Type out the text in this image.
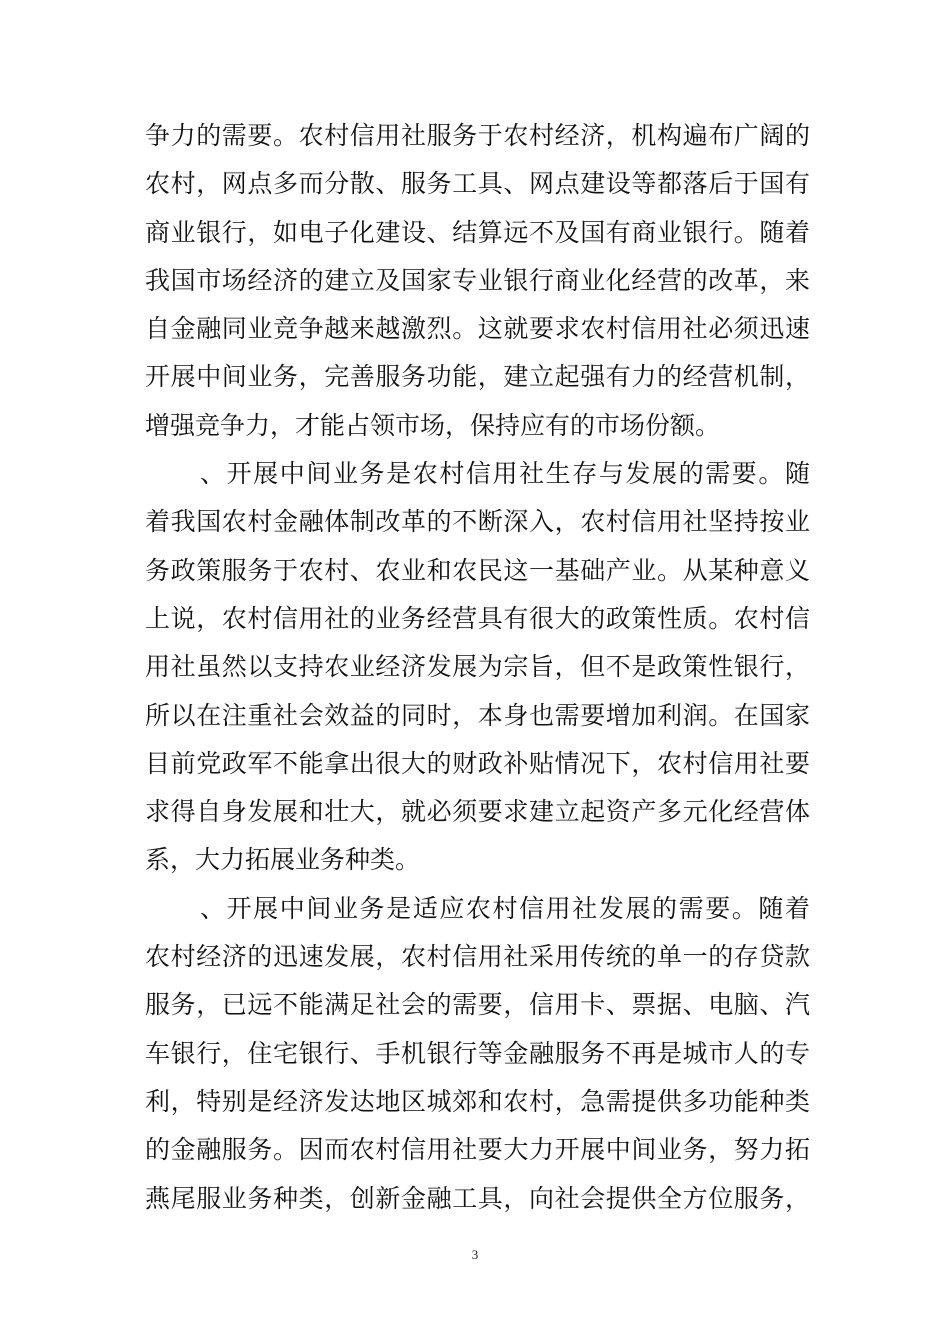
争力的需要。农村信用社服务于农村经济，机构遍布广阔的
农村，网点多而分散、服务工具、网点建设等都落后于国有
商业银行，如电子化建设、结算远不及国有商业银行。随着
我国市场经济的建立及国家专业银行商业化经营的改革，来
自金融同业竞争越来越激烈。这就要求农村信用社必须迅速
开展中间业务，完善服务功能，建立起强有力的经营机制，
增强竞争力，才能占领市场，保持应有的市场份额。
、开展中间业务是农村信用社生存与发展的需要。随
着我国农村金融体制改革的不断深入，农村信用社坚持按业
务政策服务于农村、农业和农民这一基础产业。从某种意义
上说，农村信用社的业务经营具有很大的政策性质。农村信
用社虽然以支持农业经济发展为宗旨，但不是政策性银行，
所以在注重社会效益的同时，本身也需要增加利润。在国家
目前党政军不能拿出很大的财政补贴情况下，农村信用社要
求得自身发展和壮大，就必须要求建立起资产多元化经营体
系，大力拓展业务种类。
、开展中间业务是适应农村信用社发展的需要。随着
农村经济的迅速发展，农村信用社采用传统的单一的存贷款
服务，已远不能满足社会的需要，信用卡、票据、电脑、汽
车银行，住宅银行、手机银行等金融服务不再是城市人的专
利，特别是经济发达地区城郊和农村，急需提供多功能种类
的金融服务。因而农村信用社要大力开展中间业务，努力拓
燕尾服业务种类，创新金融工具，向社会提供全方位服务，
3
